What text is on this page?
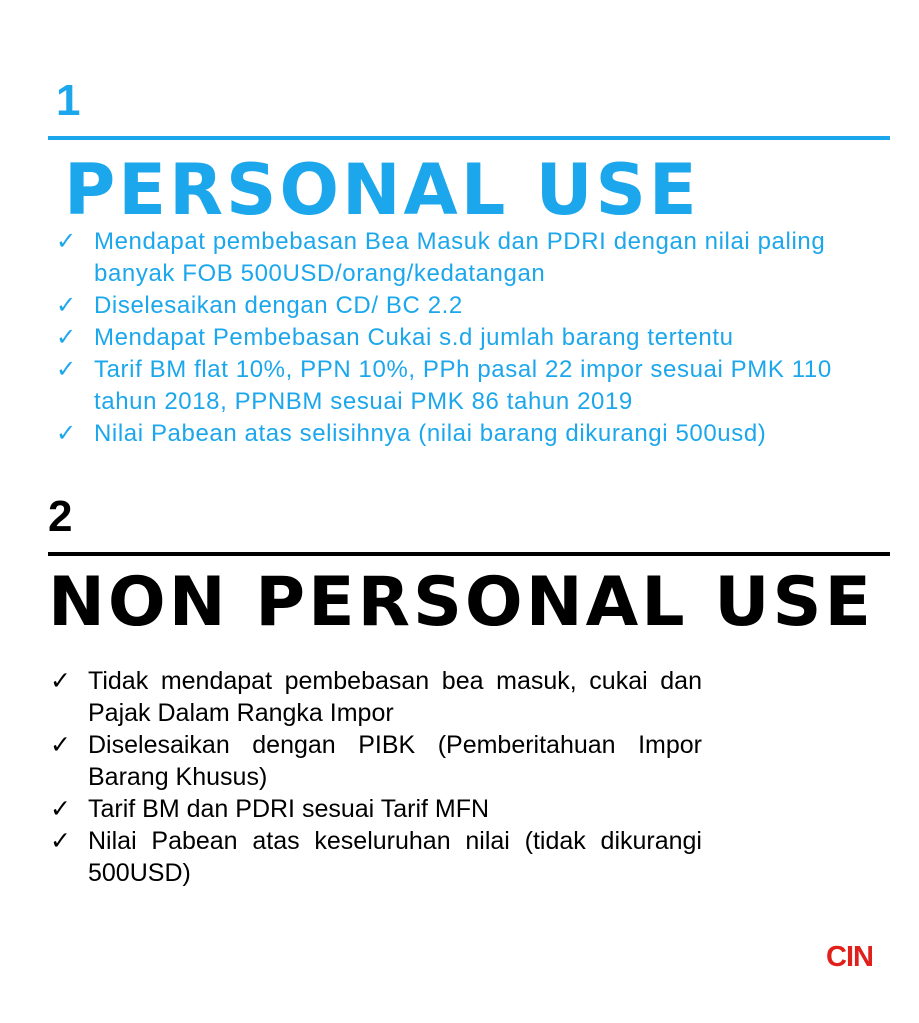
1
PERSONAL USE
✓ Mendapat pembebasan Bea Masuk dan PDRI dengan nilai paling banyak FOB 500USD/orang/kedatangan
✓ Diselesaikan dengan CD/ BC 2.2
✓ Mendapat Pembebasan Cukai s.d jumlah barang tertentu
✓ Tarif BM flat 10%, PPN 10%, PPh pasal 22 impor sesuai PMK 110 tahun 2018, PPNBM sesuai PMK 86 tahun 2019
✓ Nilai Pabean atas selisihnya (nilai barang dikurangi 500usd)
2
NON PERSONAL USE
✓ Tidak mendapat pembebasan bea masuk, cukai dan Pajak Dalam Rangka Impor
✓ Diselesaikan dengan PIBK (Pemberitahuan Impor Barang Khusus)
✓ Tarif BM dan PDRI sesuai Tarif MFN
✓ Nilai Pabean atas keseluruhan nilai (tidak dikurangi 500USD)
CIN
